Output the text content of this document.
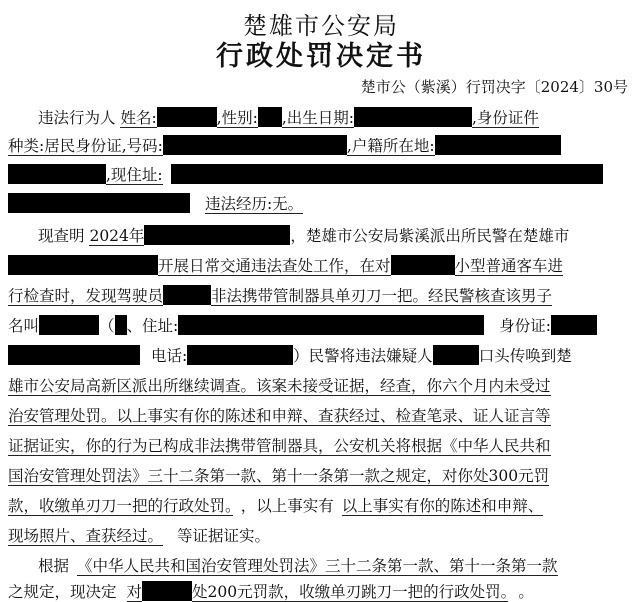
楚雄市公安局
行政处罚决定书
楚市公（紫溪）行罚决字〔2024〕30号
违法行为人 姓名:	,性别: ,出生日期:	,身份证件
种类:居民身份证,号码:	,户籍所在地:
,现住址:
违法经历:无。
现查明 2024年	，楚雄市公安局紫溪派出所民警在楚雄市
开展日常交通违法查处工作，在对	小型普通客车进
行检查时，发现驾驶员	非法携带管制器具单刃刀一把。经民警核查该男子
名叫	（ 、住址:	身份证:
电话:	）民警将违法嫌疑人	口头传唤到楚
雄市公安局高新区派出所继续调查。该案未接受证据，经查，你六个月内未受过
治安管理处罚。以上事实有你的陈述和申辩、查获经过、检查笔录、证人证言等
证据证实，你的行为已构成非法携带管制器具，公安机关将根据《中华人民共和
国治安管理处罚法》三十二条第一款、第十一条第一款之规定，对你处300元罚
款，收缴单刃刀一把的行政处罚。 ，以上事实有 以上事实有你的陈述和申辩、
现场照片、查获经过。 等证据证实。
根据 《中华人民共和国治安管理处罚法》三十二条第一款、第十一条第一款
之规定，现决定 对	处200元罚款，收缴单刃跳刀一把的行政处罚。 。
